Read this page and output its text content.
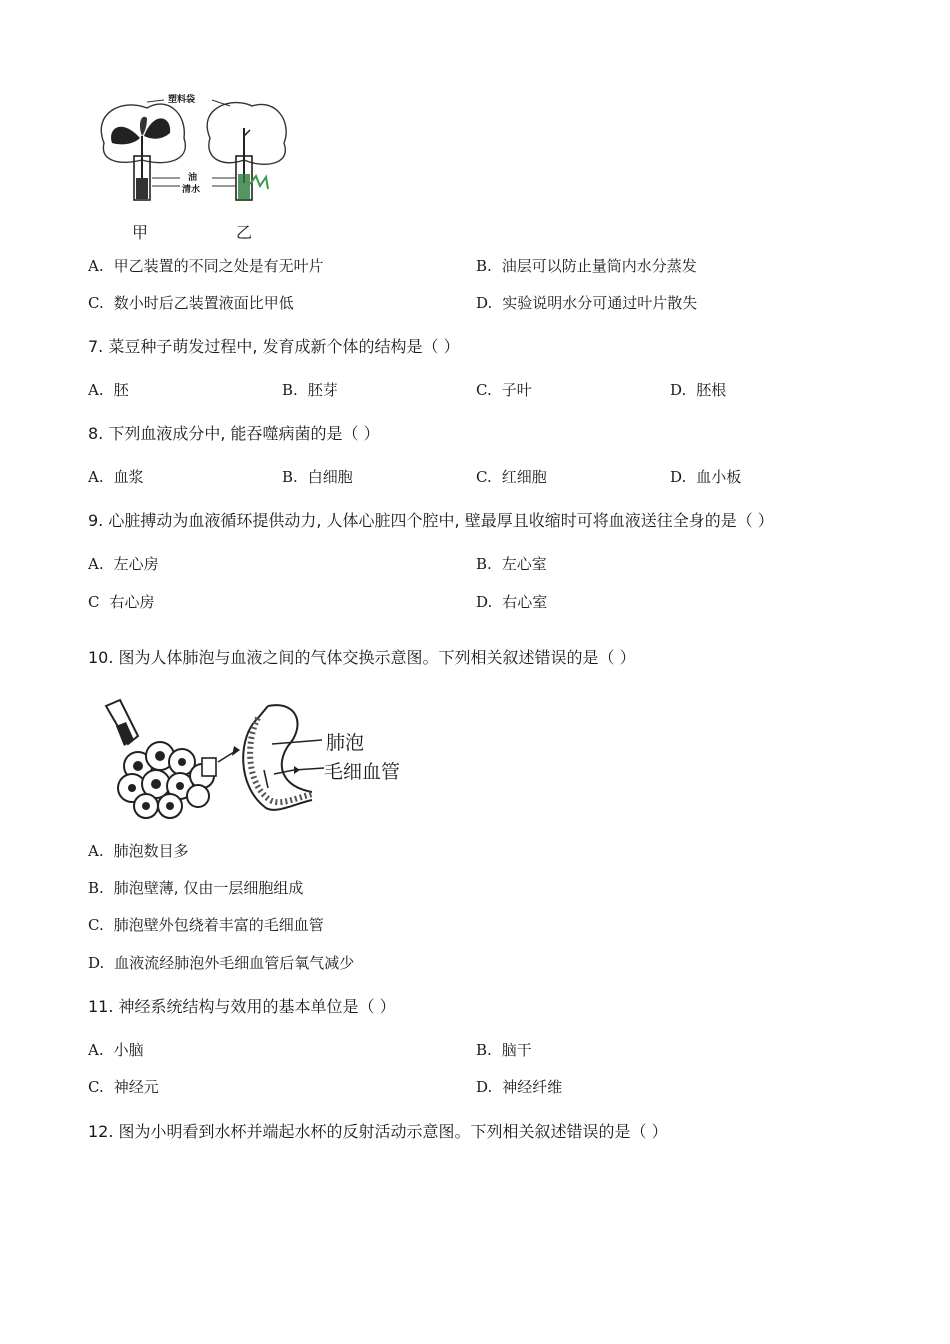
塑料袋
油
清水
甲	乙
A. 甲乙装置的不同之处是有无叶片	B. 油层可以防止量筒内水分蒸发
C. 数小时后乙装置液面比甲低	D. 实验说明水分可通过叶片散失
7. 菜豆种子萌发过程中, 发育成新个体的结构是（ ）
A. 胚	B. 胚芽	C. 子叶	D. 胚根
8. 下列血液成分中, 能吞噬病菌的是（ ）
A. 血浆	B. 白细胞	C. 红细胞	D. 血小板
9. 心脏搏动为血液循环提供动力, 人体心脏四个腔中, 壁最厚且收缩时可将血液送往全身的是（ ）
A. 左心房	B. 左心室
C 右心房	D. 右心室
10. 图为人体肺泡与血液之间的气体交换示意图。下列相关叙述错误的是（ ）
肺泡
毛细血管
A. 肺泡数目多
B. 肺泡壁薄, 仅由一层细胞组成
C. 肺泡壁外包绕着丰富的毛细血管
D. 血液流经肺泡外毛细血管后氧气减少
11. 神经系统结构与效用的基本单位是（ ）
A. 小脑	B. 脑干
C. 神经元	D. 神经纤维
12. 图为小明看到水杯并端起水杯的反射活动示意图。下列相关叙述错误的是（ ）
